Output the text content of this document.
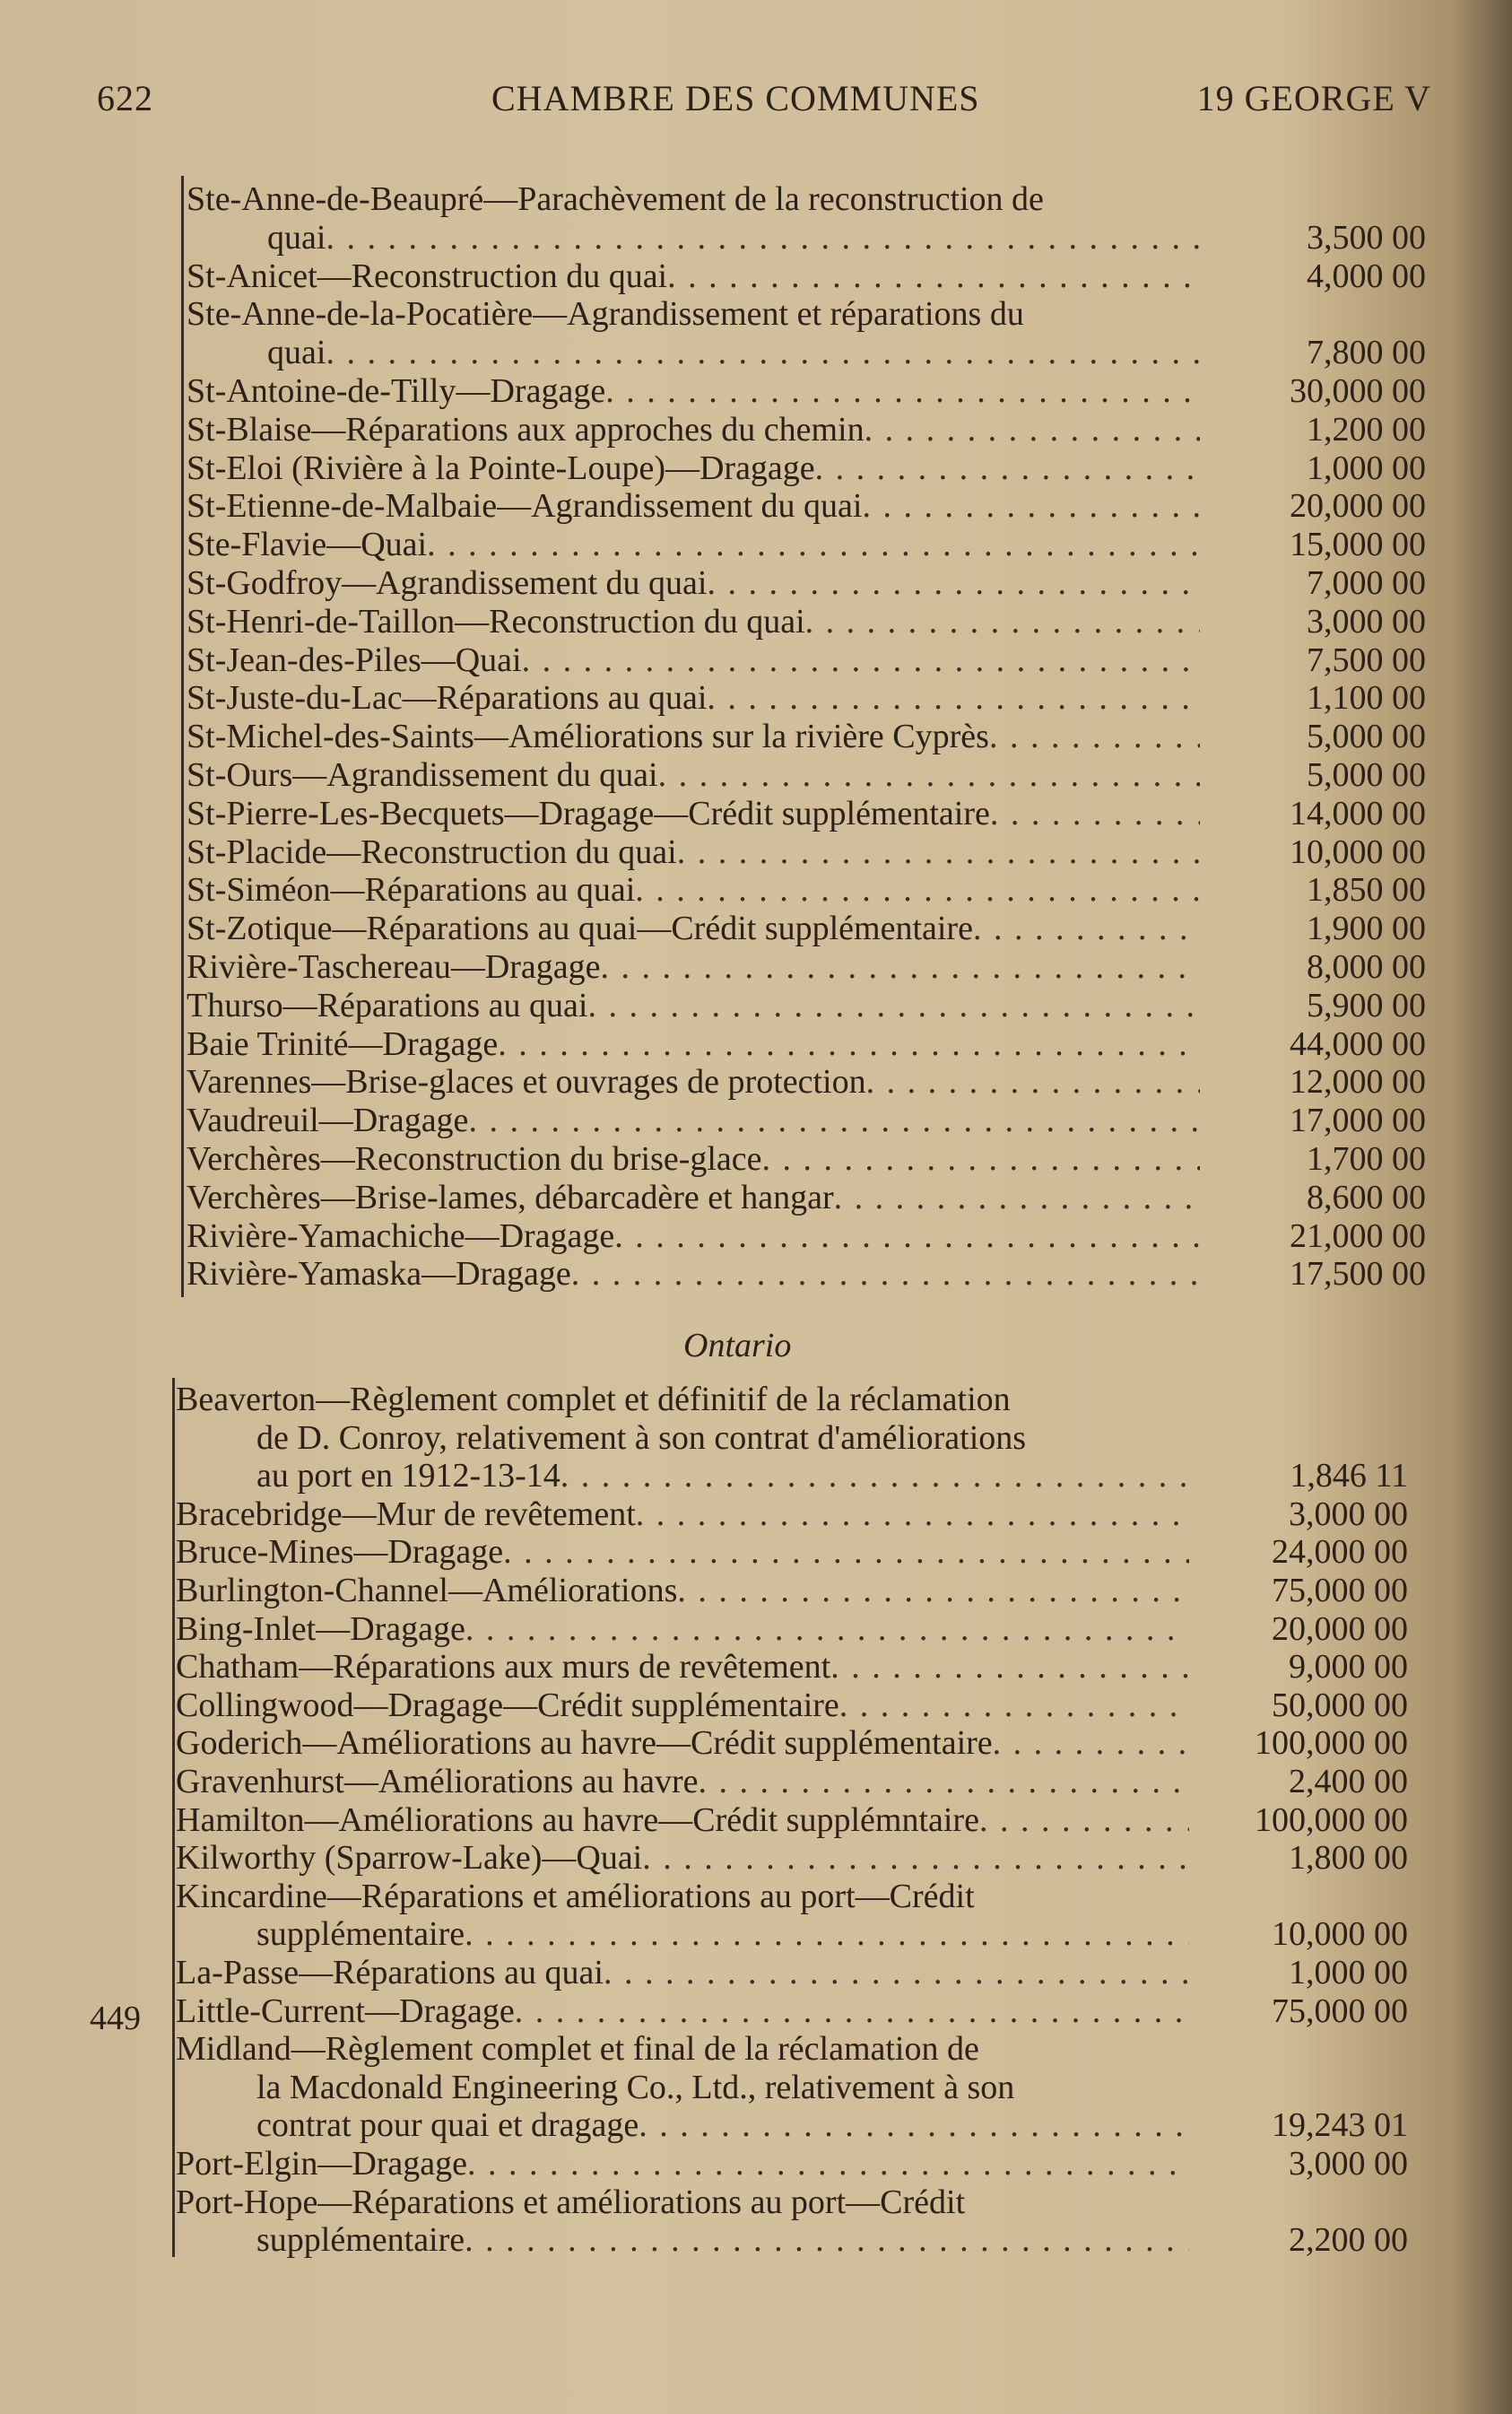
622	CHAMBRE DES COMMUNES	19 GEORGE V
Ontario
449
Ste-Anne-de-Beaupré—Parachèvement de la reconstruction de
quai . . .	3,500 00
St-Anicet—Reconstruction du quai . . .	4,000 00
Ste-Anne-de-la-Pocatière—Agrandissement et réparations du
quai . . .	7,800 00
St-Antoine-de-Tilly—Dragage . . .	30,000 00
St-Blaise—Réparations aux approches du chemin . . .	1,200 00
St-Eloi (Rivière à la Pointe-Loupe)—Dragage . . .	1,000 00
St-Etienne-de-Malbaie—Agrandissement du quai . . .	20,000 00
Ste-Flavie—Quai . . .	15,000 00
St-Godfroy—Agrandissement du quai . . .	7,000 00
St-Henri-de-Taillon—Reconstruction du quai . . .	3,000 00
St-Jean-des-Piles—Quai . . .	7,500 00
St-Juste-du-Lac—Réparations au quai . . .	1,100 00
St-Michel-des-Saints—Améliorations sur la rivière Cyprès . . .	5,000 00
St-Ours—Agrandissement du quai . . .	5,000 00
St-Pierre-Les-Becquets—Dragage—Crédit supplémentaire . . .	14,000 00
St-Placide—Reconstruction du quai . . .	10,000 00
St-Siméon—Réparations au quai . . .	1,850 00
St-Zotique—Réparations au quai—Crédit supplémentaire . . .	1,900 00
Rivière-Taschereau—Dragage . . .	8,000 00
Thurso—Réparations au quai . . .	5,900 00
Baie Trinité—Dragage . . .	44,000 00
Varennes—Brise-glaces et ouvrages de protection . . .	12,000 00
Vaudreuil—Dragage . . .	17,000 00
Verchères—Reconstruction du brise-glace . . .	1,700 00
Verchères—Brise-lames, débarcadère et hangar . . .	8,600 00
Rivière-Yamachiche—Dragage . . .	21,000 00
Rivière-Yamaska—Dragage . . .	17,500 00
Beaverton—Règlement complet et définitif de la réclamation
de D. Conroy, relativement à son contrat d'améliorations
au port en 1912-13-14 . . .	1,846 11
Bracebridge—Mur de revêtement . . .	3,000 00
Bruce-Mines—Dragage . . .	24,000 00
Burlington-Channel—Améliorations . . .	75,000 00
Bing-Inlet—Dragage . . .	20,000 00
Chatham—Réparations aux murs de revêtement . . .	9,000 00
Collingwood—Dragage—Crédit supplémentaire . . .	50,000 00
Goderich—Améliorations au havre—Crédit supplémentaire . . .	100,000 00
Gravenhurst—Améliorations au havre . . .	2,400 00
Hamilton—Améliorations au havre—Crédit supplémntaire . . .	100,000 00
Kilworthy (Sparrow-Lake)—Quai . . .	1,800 00
Kincardine—Réparations et améliorations au port—Crédit
supplémentaire . . .	10,000 00
La-Passe—Réparations au quai . . .	1,000 00
Little-Current—Dragage . . .	75,000 00
Midland—Règlement complet et final de la réclamation de
la Macdonald Engineering Co., Ltd., relativement à son
contrat pour quai et dragage . . .	19,243 01
Port-Elgin—Dragage . . .	3,000 00
Port-Hope—Réparations et améliorations au port—Crédit
supplémentaire . . .	2,200 00
